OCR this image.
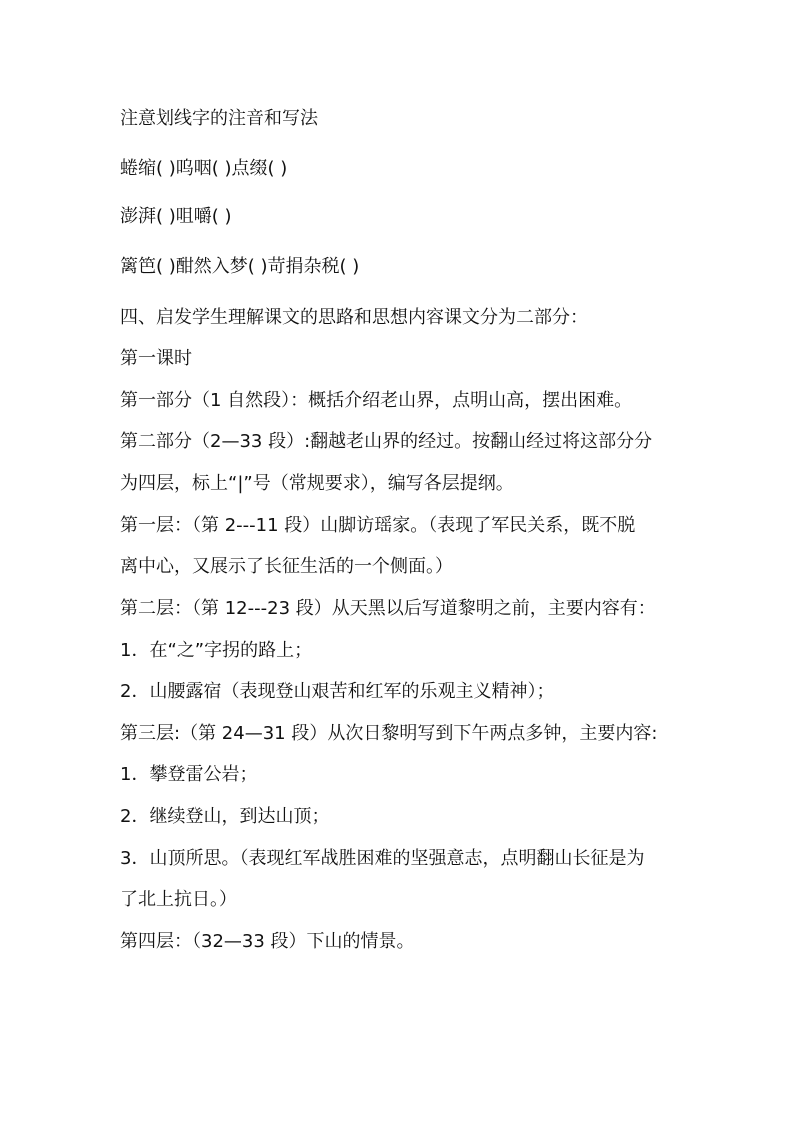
注意划线字的注音和写法
蜷缩( )呜咽( )点缀( )
澎湃( )咀嚼( )
篱笆( )酣然入梦( )苛捐杂税( )
四、启发学生理解课文的思路和思想内容课文分为二部分：
第一课时
第一部分（1 自然段）：概括介绍老山界，点明山高，摆出困难。
第二部分（2—33 段）:翻越老山界的经过。按翻山经过将这部分分
为四层，标上“|”号（常规要求），编写各层提纲。
第一层：（第 2---11 段）山脚访瑶家。（表现了军民关系，既不脱
离中心，又展示了长征生活的一个侧面。）
第二层：（第 12---23 段）从天黑以后写道黎明之前，主要内容有：
1．在“之”字拐的路上；
2．山腰露宿（表现登山艰苦和红军的乐观主义精神）；
第三层:（第 24—31 段）从次日黎明写到下午两点多钟，主要内容:
1．攀登雷公岩；
2．继续登山，到达山顶；
3．山顶所思。（表现红军战胜困难的坚强意志，点明翻山长征是为
了北上抗日。）
第四层：（32—33 段）下山的情景。
